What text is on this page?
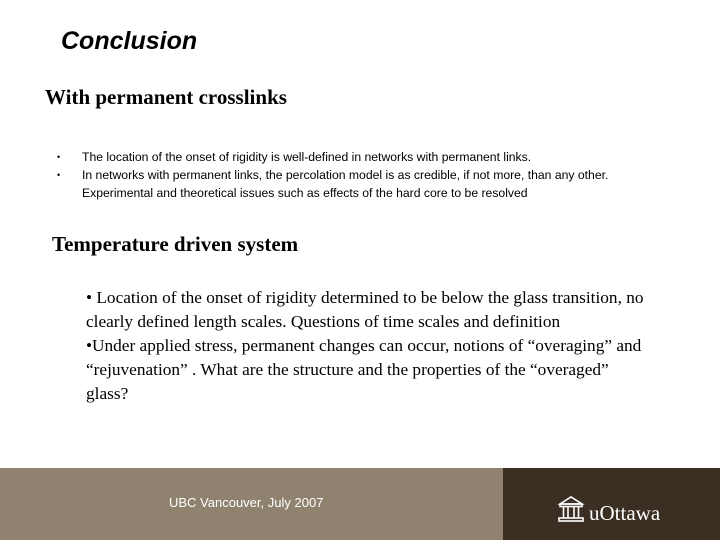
Conclusion
With permanent crosslinks
• The location of the onset of rigidity is well-defined in networks with permanent links.
• In networks with permanent links, the percolation model is as credible, if not more, than any other. Experimental and theoretical issues such as effects of the hard core to be resolved
Temperature driven system

• Location of the onset of rigidity determined to be below the glass transition, no clearly defined length scales. Questions of time scales and definition

•Under applied stress, permanent changes can occur, notions of “overaging” and “rejuvenation” . What are the structure and the properties of the “overaged” glass?

UBC Vancouver, July 2007	uOttawa
